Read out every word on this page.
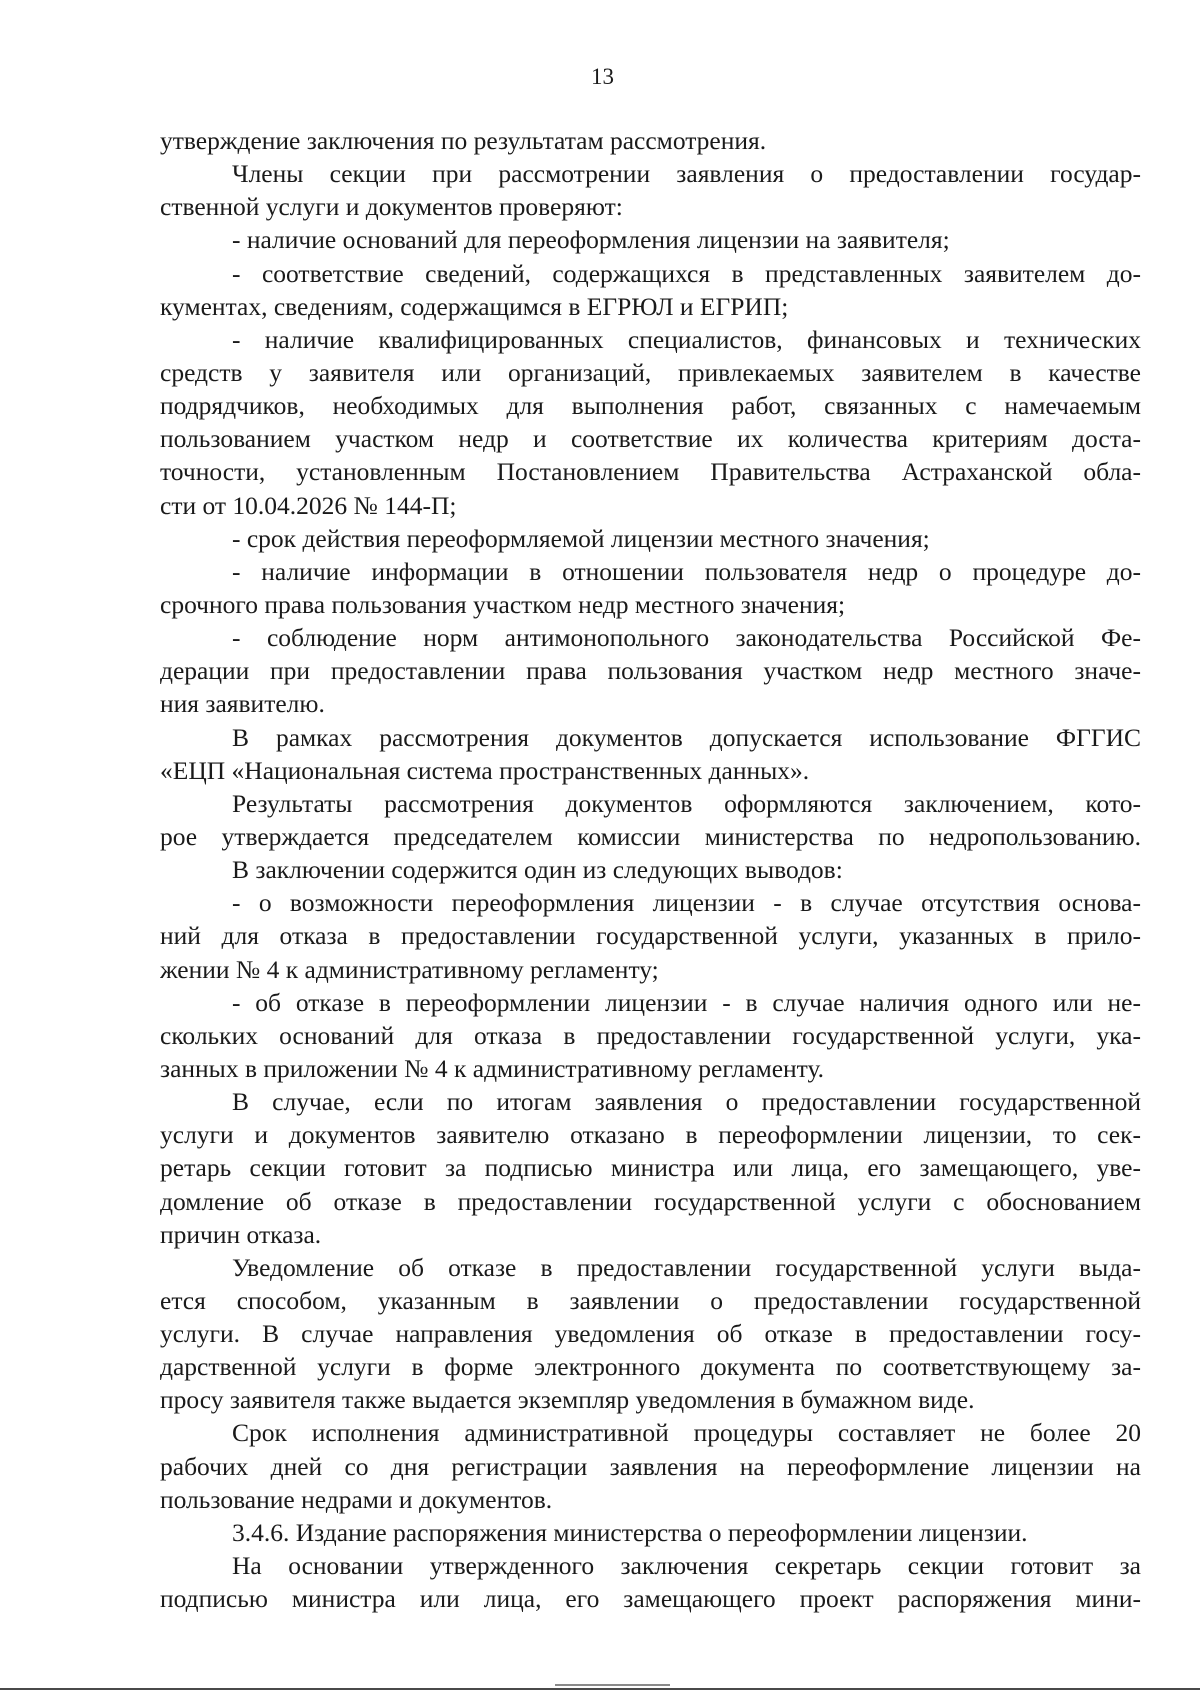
13
утверждение заключения по результатам рассмотрения.
Члены секции при рассмотрении заявления о предоставлении государ-
ственной услуги и документов проверяют:
- наличие оснований для переоформления лицензии на заявителя;
- соответствие сведений, содержащихся в представленных заявителем до-
кументах, сведениям, содержащимся в ЕГРЮЛ и ЕГРИП;
- наличие квалифицированных специалистов, финансовых и технических
средств у заявителя или организаций, привлекаемых заявителем в качестве
подрядчиков, необходимых для выполнения работ, связанных с намечаемым
пользованием участком недр и соответствие их количества критериям доста-
точности, установленным Постановлением Правительства Астраханской обла-
сти от 10.04.2026 № 144-П;
- срок действия переоформляемой лицензии местного значения;
- наличие информации в отношении пользователя недр о процедуре до-
срочного права пользования участком недр местного значения;
- соблюдение норм антимонопольного законодательства Российской Фе-
дерации при предоставлении права пользования участком недр местного значе-
ния заявителю.
В рамках рассмотрения документов допускается использование ФГГИС
«ЕЦП «Национальная система пространственных данных».
Результаты рассмотрения документов оформляются заключением, кото-
рое утверждается председателем комиссии министерства по недропользованию.
В заключении содержится один из следующих выводов:
- о возможности переоформления лицензии - в случае отсутствия основа-
ний для отказа в предоставлении государственной услуги, указанных в прило-
жении № 4 к административному регламенту;
- об отказе в переоформлении лицензии - в случае наличия одного или не-
скольких оснований для отказа в предоставлении государственной услуги, ука-
занных в приложении № 4 к административному регламенту.
В случае, если по итогам заявления о предоставлении государственной
услуги и документов заявителю отказано в переоформлении лицензии, то сек-
ретарь секции готовит за подписью министра или лица, его замещающего, уве-
домление об отказе в предоставлении государственной услуги с обоснованием
причин отказа.
Уведомление об отказе в предоставлении государственной услуги выда-
ется способом, указанным в заявлении о предоставлении государственной
услуги. В случае направления уведомления об отказе в предоставлении госу-
дарственной услуги в форме электронного документа по соответствующему за-
просу заявителя также выдается экземпляр уведомления в бумажном виде.
Срок исполнения административной процедуры составляет не более 20
рабочих дней со дня регистрации заявления на переоформление лицензии на
пользование недрами и документов.
3.4.6. Издание распоряжения министерства о переоформлении лицензии.
На основании утвержденного заключения секретарь секции готовит за
подписью министра или лица, его замещающего проект распоряжения мини-
